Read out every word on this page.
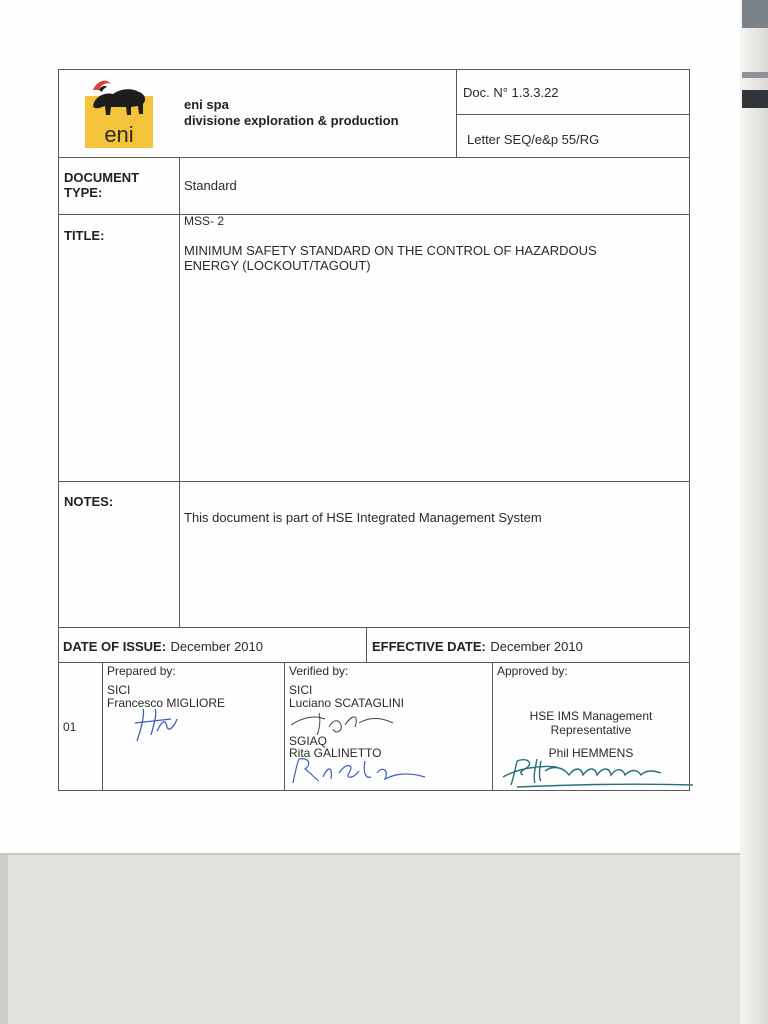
eni
eni spa
divisione exploration & production
Doc. N° 1.3.3.22
Letter SEQ/e&p 55/RG
DOCUMENT TYPE:	Standard
TITLE:
MSS- 2
MINIMUM SAFETY STANDARD ON THE CONTROL OF HAZARDOUS
ENERGY (LOCKOUT/TAGOUT)
NOTES:
This document is part of HSE Integrated Management System
DATE OF ISSUE: December 2010	EFFECTIVE DATE: December 2010
01
Prepared by:
SICI
Francesco MIGLIORE
Verified by:
SICI
Luciano SCATAGLINI
SGIAQ
Rita GALINETTO
Approved by:
HSE IMS Management
Representative
Phil HEMMENS
